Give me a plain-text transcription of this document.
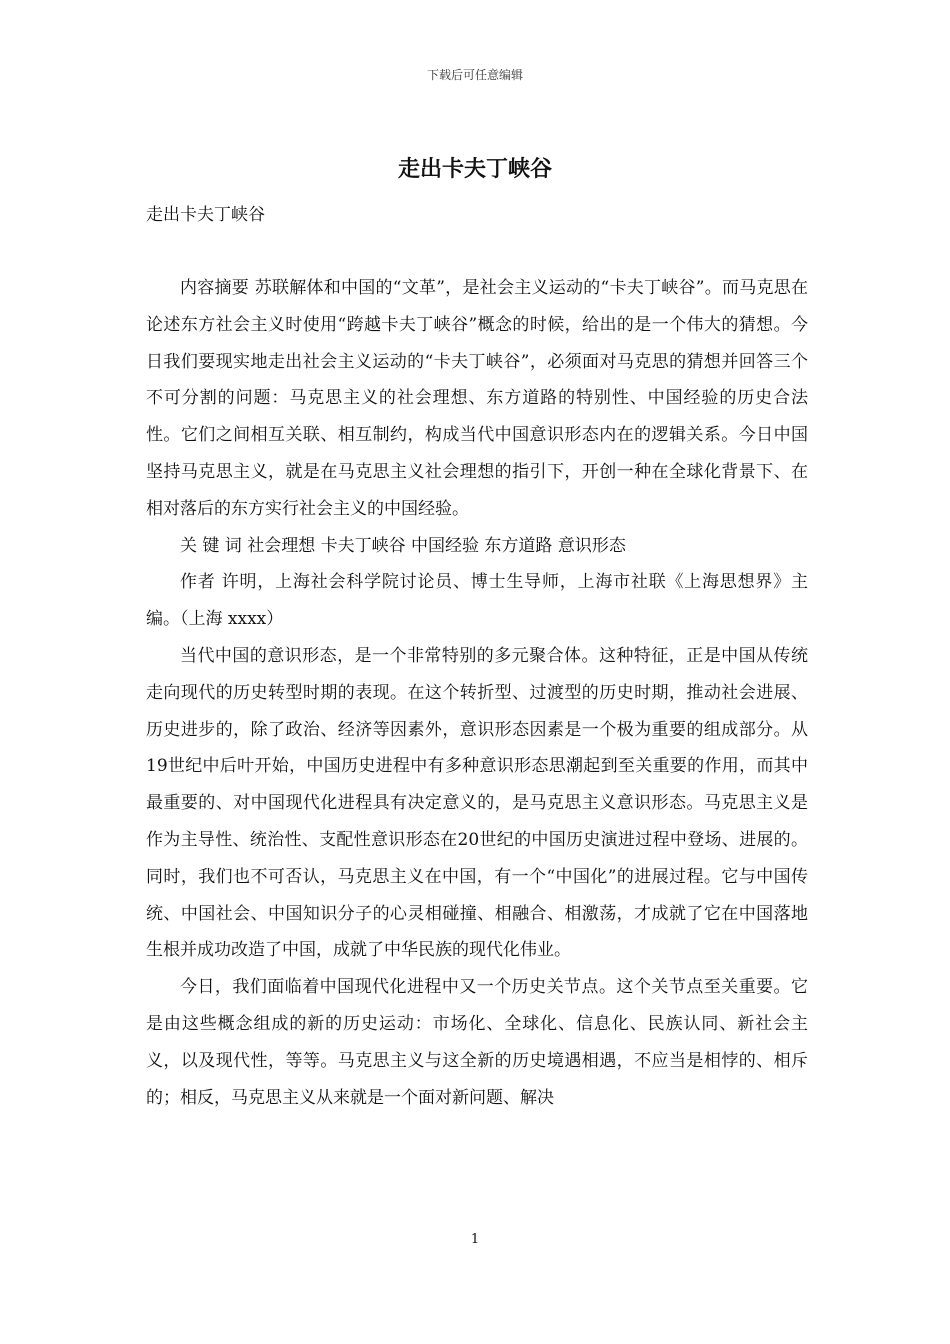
下载后可任意编辑
走出卡夫丁峡谷
走出卡夫丁峡谷

内容摘要 苏联解体和中国的“文革”，是社会主义运动的“卡夫丁峡谷”。而马克思在论述东方社会主义时使用“跨越卡夫丁峡谷”概念的时候，给出的是一个伟大的猜想。今日我们要现实地走出社会主义运动的“卡夫丁峡谷”，必须面对马克思的猜想并回答三个不可分割的问题：马克思主义的社会理想、东方道路的特别性、中国经验的历史合法性。它们之间相互关联、相互制约，构成当代中国意识形态内在的逻辑关系。今日中国坚持马克思主义，就是在马克思主义社会理想的指引下，开创一种在全球化背景下、在相对落后的东方实行社会主义的中国经验。

关 键 词 社会理想 卡夫丁峡谷 中国经验 东方道路 意识形态

作者 许明，上海社会科学院讨论员、博士生导师，上海市社联《上海思想界》主编。（上海 xxxx）

当代中国的意识形态，是一个非常特别的多元聚合体。这种特征，正是中国从传统走向现代的历史转型时期的表现。在这个转折型、过渡型的历史时期，推动社会进展、历史进步的，除了政治、经济等因素外，意识形态因素是一个极为重要的组成部分。从19世纪中后叶开始，中国历史进程中有多种意识形态思潮起到至关重要的作用，而其中最重要的、对中国现代化进程具有决定意义的，是马克思主义意识形态。马克思主义是作为主导性、统治性、支配性意识形态在20世纪的中国历史演进过程中登场、进展的。同时，我们也不可否认，马克思主义在中国，有一个“中国化”的进展过程。它与中国传统、中国社会、中国知识分子的心灵相碰撞、相融合、相激荡，才成就了它在中国落地生根并成功改造了中国，成就了中华民族的现代化伟业。

今日，我们面临着中国现代化进程中又一个历史关节点。这个关节点至关重要。它是由这些概念组成的新的历史运动：市场化、全球化、信息化、民族认同、新社会主义，以及现代性，等等。马克思主义与这全新的历史境遇相遇，不应当是相悖的、相斥的；相反，马克思主义从来就是一个面对新问题、解决

1
